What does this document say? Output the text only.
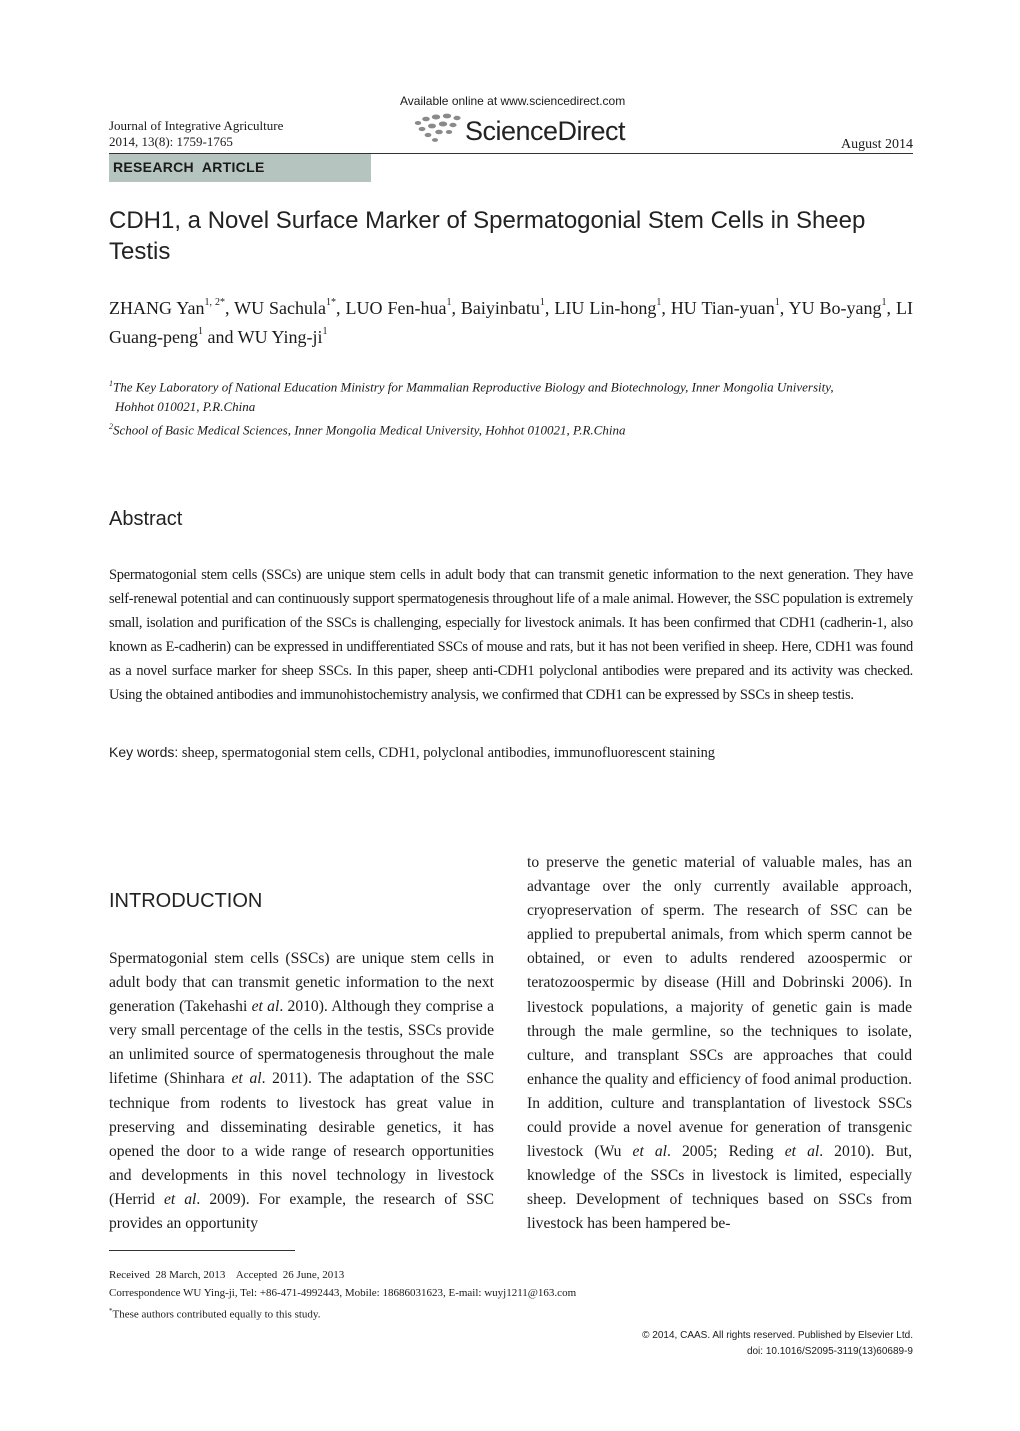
Available online at www.sciencedirect.com
Journal of Integrative Agriculture
2014, 13(8): 1759-1765	ScienceDirect	August 2014
RESEARCH  ARTICLE
CDH1, a Novel Surface Marker of Spermatogonial Stem Cells in Sheep Testis
ZHANG Yan$^{1, 2*}$, WU Sachula$^{1*}$, LUO Fen-hua$^1$, Baiyinbatu$^1$, LIU Lin-hong$^1$, HU Tian-yuan$^1$, YU Bo-yang$^1$, LI Guang-peng$^1$ and WU Ying-$ji^1$
$^1$The Key Laboratory of National Education Ministry for Mammalian Reproductive Biology and Biotechnology, Inner Mongolia University,
Hohhot 010021, P.R.China
$^2$School of Basic Medical Sciences, Inner Mongolia Medical University, Hohhot 010021, P.R.China
Abstract
Spermatogonial stem cells (SSCs) are unique stem cells in adult body that can transmit genetic information to the next generation. They have self-renewal potential and can continuously support spermatogenesis throughout life of a male animal. However, the SSC population is extremely small, isolation and purification of the SSCs is challenging, especially for livestock animals. It has been confirmed that CDH1 (cadherin-1, also known as E-cadherin) can be expressed in undifferentiated SSCs of mouse and rats, but it has not been verified in sheep. Here, CDH1 was found as a novel surface marker for sheep SSCs. In this paper, sheep anti-CDH1 polyclonal antibodies were prepared and its activity was checked. Using the obtained antibodies and immunohistochemistry analysis, we confirmed that CDH1 can be expressed by SSCs in sheep testis.
Key words: sheep, spermatogonial stem cells, CDH1, polyclonal antibodies, immunofluorescent staining
INTRODUCTION
Spermatogonial stem cells (SSCs) are unique stem cells in adult body that can transmit genetic information to the next generation (Takehashi et al. 2010). Although they comprise a very small percentage of the cells in the testis, SSCs provide an unlimited source of spermatogenesis throughout the male lifetime (Shinhara et al. 2011). The adaptation of the SSC technique from rodents to livestock has great value in preserving and disseminating desirable genetics, it has opened the door to a wide range of research opportunities and developments in this novel technology in livestock (Herrid et al. 2009). For example, the research of SSC provides an opportunity
to preserve the genetic material of valuable males, has an advantage over the only currently available approach, cryopreservation of sperm. The research of SSC can be applied to prepubertal animals, from which sperm cannot be obtained, or even to adults rendered azoospermic or teratozoospermic by disease (Hill and Dobrinski 2006). In livestock populations, a majority of genetic gain is made through the male germline, so the techniques to isolate, culture, and transplant SSCs are approaches that could enhance the quality and efficiency of food animal production. In addition, culture and transplantation of livestock SSCs could provide a novel avenue for generation of transgenic livestock (Wu et al. 2005; Reding et al. 2010). But, knowledge of the SSCs in livestock is limited, especially sheep. Development of techniques based on SSCs from livestock has been hampered be-
Received  28 March, 2013    Accepted  26 June, 2013
Correspondence WU Ying-ji, Tel: +86-471-4992443, Mobile: 18686031623, E-mail: wuyj1211@163.com
*These authors contributed equally to this study.
© 2014, CAAS. All rights reserved. Published by Elsevier Ltd.
doi: 10.1016/S2095-3119(13)60689-9
